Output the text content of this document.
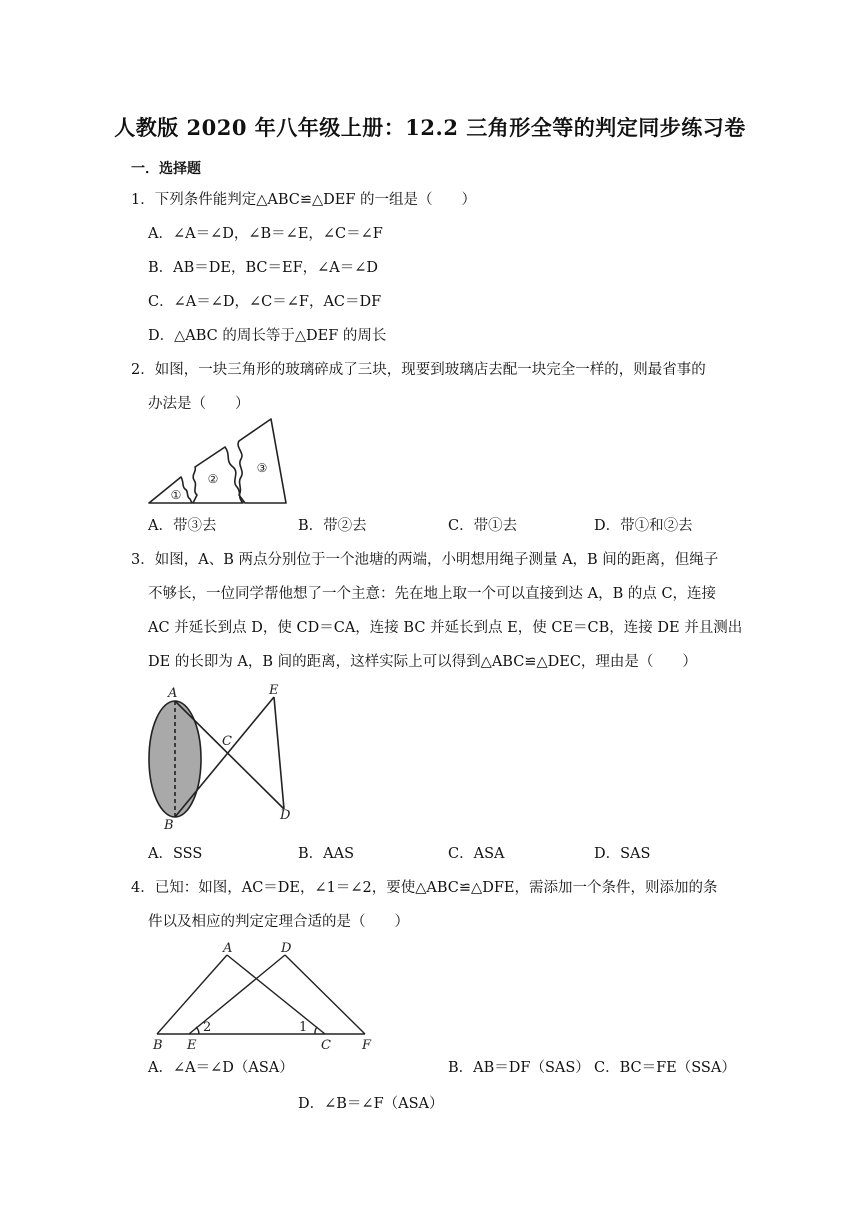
人教版 2020 年八年级上册：12.2 三角形全等的判定同步练习卷
一．选择题
1．下列条件能判定△ABC≌△DEF 的一组是（　　）
A．∠A＝∠D，∠B＝∠E，∠C＝∠F
B．AB＝DE，BC＝EF，∠A＝∠D
C．∠A＝∠D，∠C＝∠F，AC＝DF
D．△ABC 的周长等于△DEF 的周长
2．如图，一块三角形的玻璃碎成了三块，现要到玻璃店去配一块完全一样的，则最省事的
办法是（　　）
①
②
③
A．带③去	B．带②去	C．带①去	D．带①和②去
3．如图，A、B 两点分别位于一个池塘的两端，小明想用绳子测量 A，B 间的距离，但绳子
不够长，一位同学帮他想了一个主意：先在地上取一个可以直接到达 A，B 的点 C，连接
AC 并延长到点 D，使 CD＝CA，连接 BC 并延长到点 E，使 CE＝CB，连接 DE 并且测出
DE 的长即为 A，B 间的距离，这样实际上可以得到△ABC≌△DEC，理由是（　　）
A
B
C
D
E
A．SSS	B．AAS	C．ASA	D．SAS
4．已知：如图，AC＝DE，∠1＝∠2，要使△ABC≌△DFE，需添加一个条件，则添加的条
件以及相应的判定定理合适的是（　　）
A	D
B E	C F
2	1
A．∠A＝∠D（ASA）	B．AB＝DF（SAS） C．BC＝FE（SSA）
D．∠B＝∠F（ASA）
